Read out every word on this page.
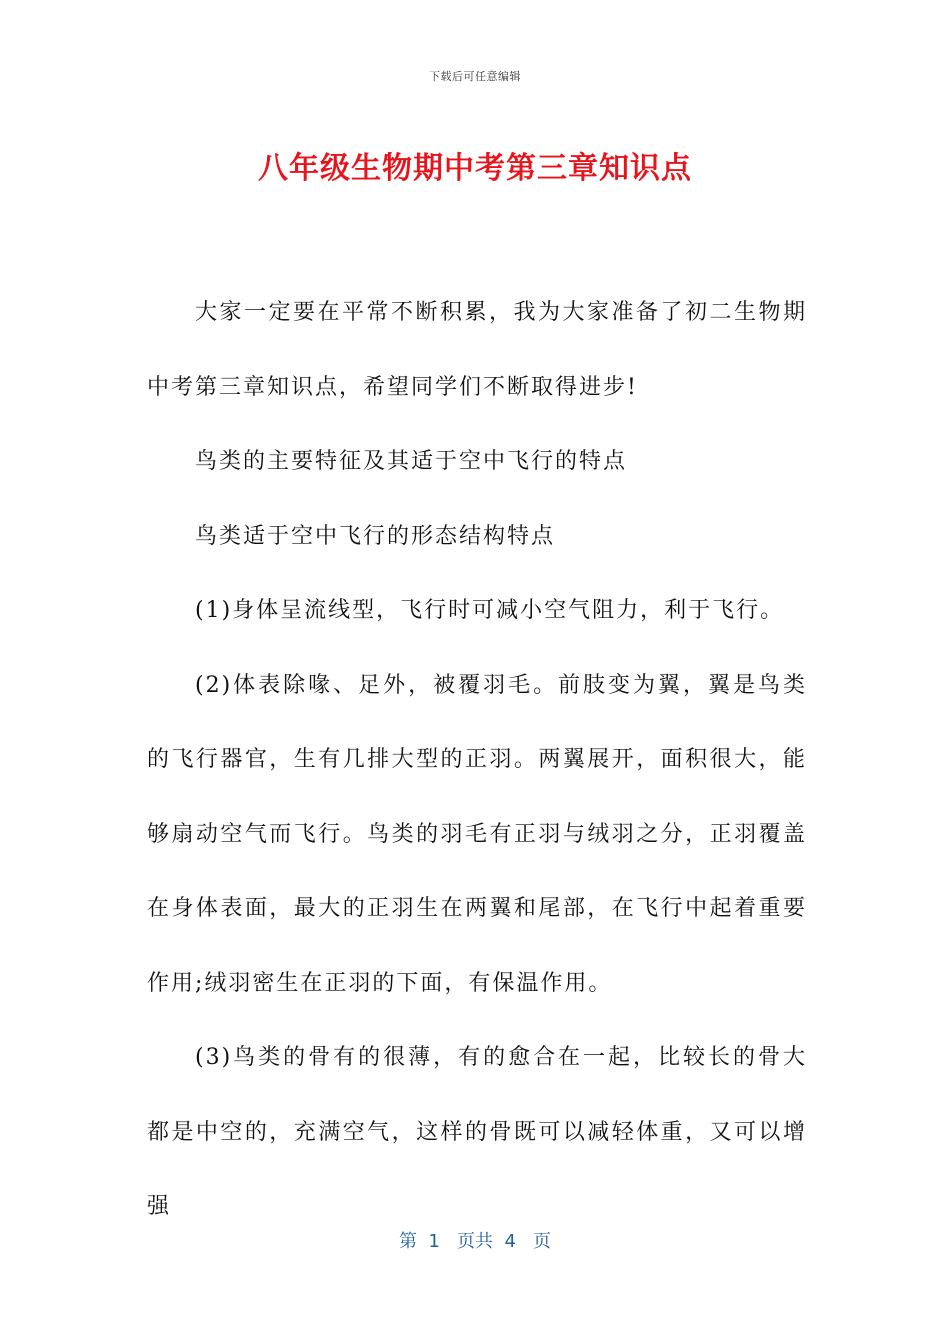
下载后可任意编辑
八年级生物期中考第三章知识点

大家一定要在平常不断积累，我为大家准备了初二生物期中考第三章知识点，希望同学们不断取得进步!

鸟类的主要特征及其适于空中飞行的特点

鸟类适于空中飞行的形态结构特点

(1)身体呈流线型，飞行时可减小空气阻力，利于飞行。

(2)体表除喙、足外，被覆羽毛。前肢变为翼，翼是鸟类的飞行器官，生有几排大型的正羽。两翼展开，面积很大，能够扇动空气而飞行。鸟类的羽毛有正羽与绒羽之分，正羽覆盖在身体表面，最大的正羽生在两翼和尾部，在飞行中起着重要作用;绒羽密生在正羽的下面，有保温作用。

(3)鸟类的骨有的很薄，有的愈合在一起，比较长的骨大都是中空的，充满空气，这样的骨既可以减轻体重，又可以增强

第  1   页共  4   页
